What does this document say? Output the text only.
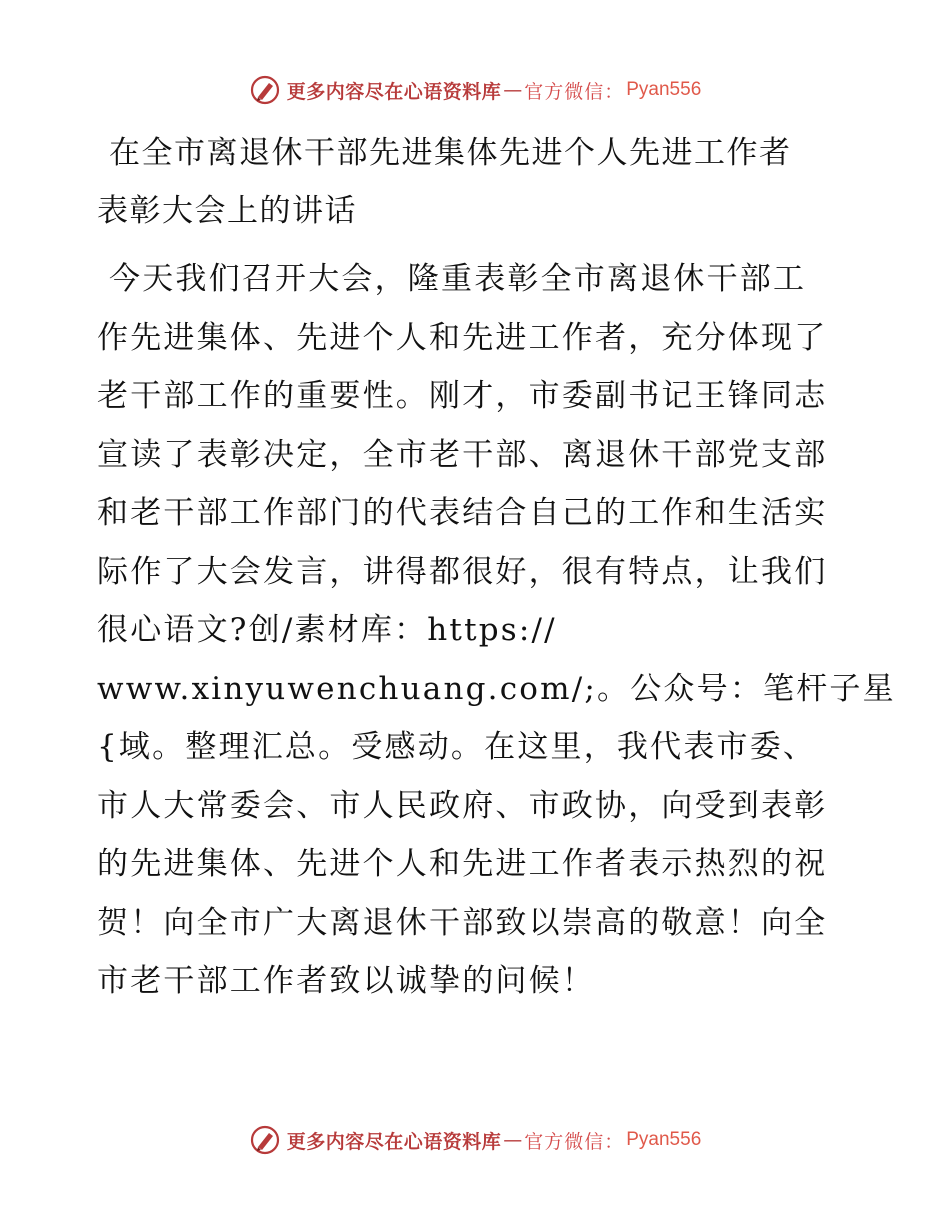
更多内容尽在心语资料库 — 官方微信： Pyan556
在全市离退休干部先进集体先进个人先进工作者
表彰大会上的讲话
今天我们召开大会，隆重表彰全市离退休干部工
作先进集体、先进个人和先进工作者，充分体现了
老干部工作的重要性。刚才，市委副书记王锋同志
宣读了表彰决定，全市老干部、离退休干部党支部
和老干部工作部门的代表结合自己的工作和生活实
际作了大会发言，讲得都很好，很有特点，让我们
很心语文?创/素材库：https://
www.xinyuwenchuang.com/;。公众号：笔杆子星
{域。整理汇总。受感动。在这里，我代表市委、
市人大常委会、市人民政府、市政协，向受到表彰
的先进集体、先进个人和先进工作者表示热烈的祝
贺！向全市广大离退休干部致以崇高的敬意！向全
市老干部工作者致以诚挚的问候！
更多内容尽在心语资料库 — 官方微信： Pyan556
